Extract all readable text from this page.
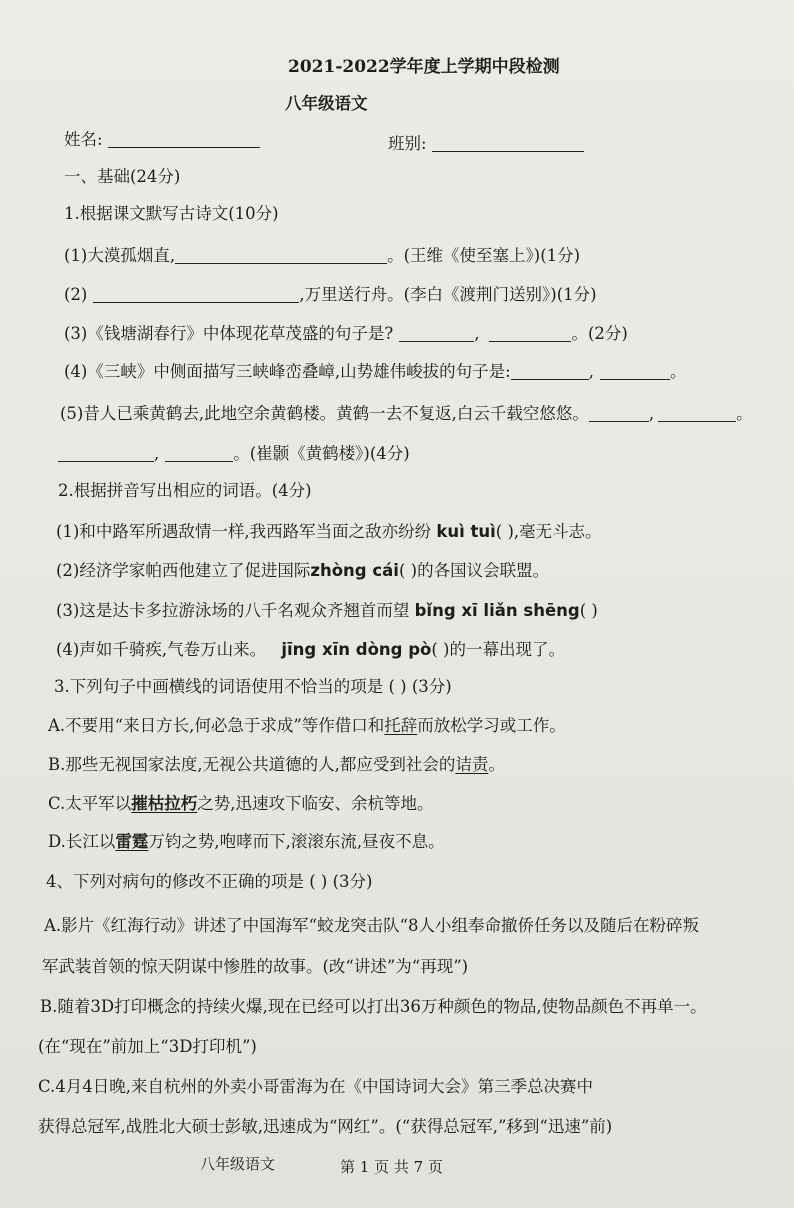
2021-2022学年度上学期中段检测
八年级语文
姓名:	班别:
一、基础(24分)
1.根据课文默写古诗文(10分)
(1)大漠孤烟直,	。(王维《使至塞上》)(1分)
(2)	,万里送行舟。(李白《渡荆门送别》)(1分)
(3)《钱塘湖春行》中体现花草茂盛的句子是?	,	。(2分)
(4)《三峡》中侧面描写三峡峰峦叠嶂,山势雄伟峻拔的句子是:	,	。
(5)昔人已乘黄鹤去,此地空余黄鹤楼。黄鹤一去不复返,白云千载空悠悠。	,	。
,	。(崔颢《黄鹤楼》)(4分)
2.根据拼音写出相应的词语。(4分)
(1)和中路军所遇敌情一样,我西路军当面之敌亦纷纷 kuì tuì( ),毫无斗志。
(2)经济学家帕西他建立了促进国际zhòng cái( )的各国议会联盟。
(3)这是达卡多拉游泳场的八千名观众齐翘首而望 bǐng xī liǎn shēng( )
(4)声如千骑疾,气卷万山来。 jīng xīn dòng pò( )的一幕出现了。
3.下列句子中画横线的词语使用不恰当的项是 ( ) (3分)
A.不要用“来日方长,何必急于求成”等作借口和托辞而放松学习或工作。
B.那些无视国家法度,无视公共道德的人,都应受到社会的诘责。
C.太平军以摧枯拉朽之势,迅速攻下临安、余杭等地。
D.长江以雷霆万钧之势,咆哮而下,滚滚东流,昼夜不息。
4、下列对病句的修改不正确的项是 ( ) (3分)
A.影片《红海行动》讲述了中国海军“蛟龙突击队“8人小组奉命撤侨任务以及随后在粉碎叛
军武装首领的惊天阴谋中惨胜的故事。(改“讲述”为“再现”)
B.随着3D打印概念的持续火爆,现在已经可以打出36万种颜色的物品,使物品颜色不再单一。
(在“现在”前加上“3D打印机”)
C.4月4日晚,来自杭州的外卖小哥雷海为在《中国诗词大会》第三季总决赛中
获得总冠军,战胜北大硕士彭敏,迅速成为“网红”。(“获得总冠军,”移到“迅速”前)
八年级语文	第 1 页 共 7 页
